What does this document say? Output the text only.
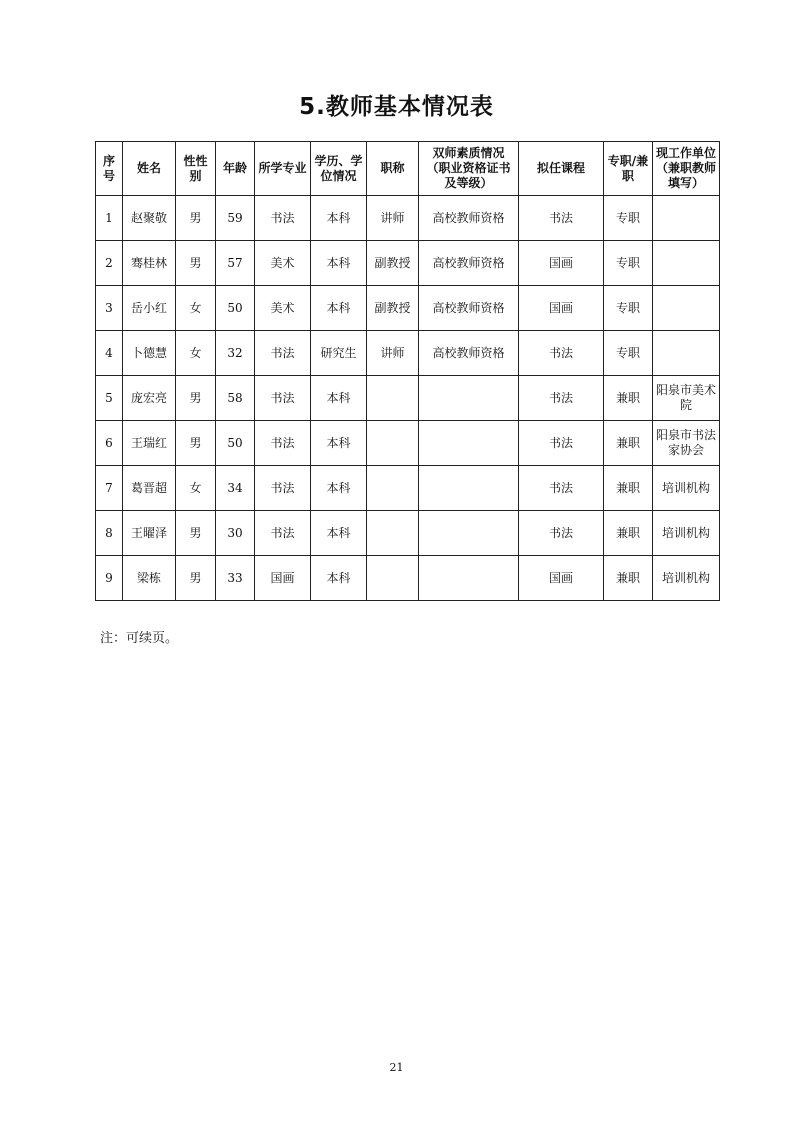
5.教师基本情况表
序号	姓名	性性别	年龄	所学专业	学历、学位情况	职称	双师素质情况（职业资格证书及等级）	拟任课程	专职/兼职	现工作单位（兼职教师填写）
1	赵聚敬	男	59	书法	本科	讲师	高校教师资格	书法	专职	
2	骞桂林	男	57	美术	本科	副教授	高校教师资格	国画	专职	
3	岳小红	女	50	美术	本科	副教授	高校教师资格	国画	专职	
4	卜德慧	女	32	书法	研究生	讲师	高校教师资格	书法	专职	
5	庞宏亮	男	58	书法	本科			书法	兼职	阳泉市美术院
6	王瑞红	男	50	书法	本科			书法	兼职	阳泉市书法家协会
7	葛晋超	女	34	书法	本科			书法	兼职	培训机构
8	王曜泽	男	30	书法	本科			书法	兼职	培训机构
9	梁栋	男	33	国画	本科			国画	兼职	培训机构
注：可续页。
21
